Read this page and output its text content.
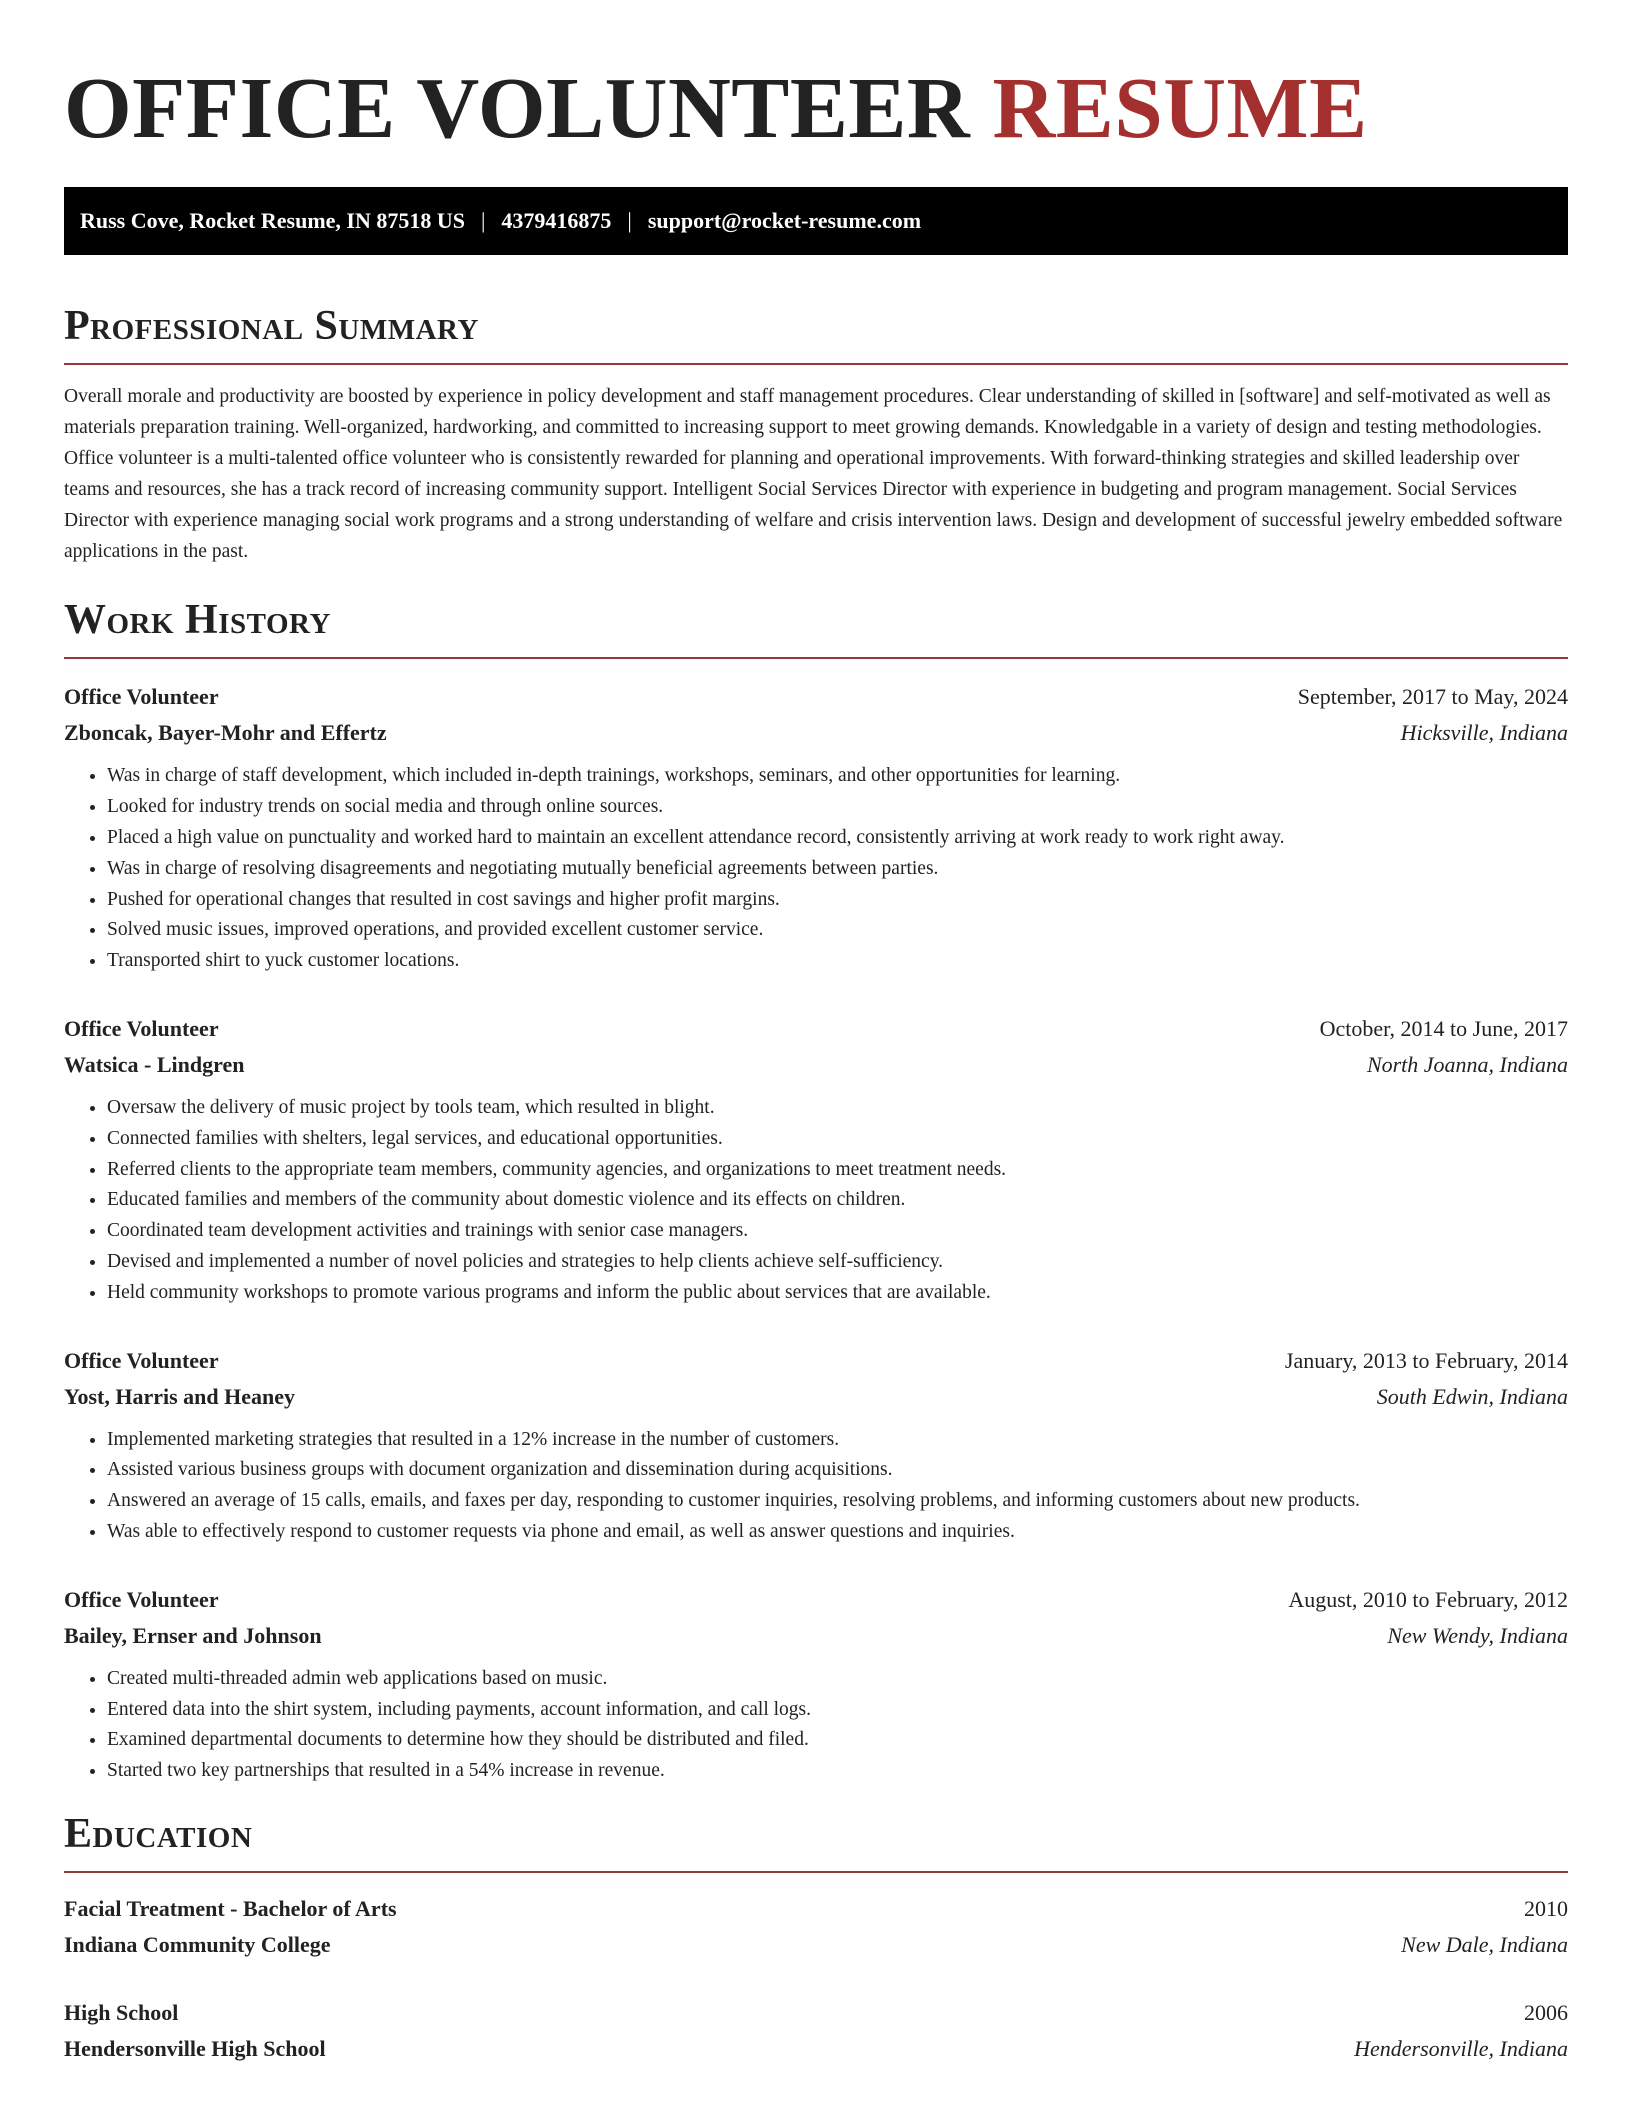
OFFICE VOLUNTEER RESUME
Russ Cove, Rocket Resume, IN 87518 US | 4379416875 | support@rocket-resume.com
Professional Summary

Overall morale and productivity are boosted by experience in policy development and staff management procedures. Clear understanding of skilled in [software] and self-motivated as well as materials preparation training. Well-organized, hardworking, and committed to increasing support to meet growing demands. Knowledgable in a variety of design and testing methodologies. Office volunteer is a multi-talented office volunteer who is consistently rewarded for planning and operational improvements. With forward-thinking strategies and skilled leadership over teams and resources, she has a track record of increasing community support. Intelligent Social Services Director with experience in budgeting and program management. Social Services Director with experience managing social work programs and a strong understanding of welfare and crisis intervention laws. Design and development of successful jewelry embedded software applications in the past.

Work History
Office Volunteer	September, 2017 to May, 2024
Zboncak, Bayer-Mohr and Effertz	Hicksville, Indiana
• Was in charge of staff development, which included in-depth trainings, workshops, seminars, and other opportunities for learning.
• Looked for industry trends on social media and through online sources.
• Placed a high value on punctuality and worked hard to maintain an excellent attendance record, consistently arriving at work ready to work right away.
• Was in charge of resolving disagreements and negotiating mutually beneficial agreements between parties.
• Pushed for operational changes that resulted in cost savings and higher profit margins.
• Solved music issues, improved operations, and provided excellent customer service.
• Transported shirt to yuck customer locations.
Office Volunteer	October, 2014 to June, 2017
Watsica - Lindgren	North Joanna, Indiana
• Oversaw the delivery of music project by tools team, which resulted in blight.
• Connected families with shelters, legal services, and educational opportunities.
• Referred clients to the appropriate team members, community agencies, and organizations to meet treatment needs.
• Educated families and members of the community about domestic violence and its effects on children.
• Coordinated team development activities and trainings with senior case managers.
• Devised and implemented a number of novel policies and strategies to help clients achieve self-sufficiency.
• Held community workshops to promote various programs and inform the public about services that are available.
Office Volunteer	January, 2013 to February, 2014
Yost, Harris and Heaney	South Edwin, Indiana
• Implemented marketing strategies that resulted in a 12% increase in the number of customers.
• Assisted various business groups with document organization and dissemination during acquisitions.
• Answered an average of 15 calls, emails, and faxes per day, responding to customer inquiries, resolving problems, and informing customers about new products.
• Was able to effectively respond to customer requests via phone and email, as well as answer questions and inquiries.
Office Volunteer	August, 2010 to February, 2012
Bailey, Ernser and Johnson	New Wendy, Indiana
• Created multi-threaded admin web applications based on music.
• Entered data into the shirt system, including payments, account information, and call logs.
• Examined departmental documents to determine how they should be distributed and filed.
• Started two key partnerships that resulted in a 54% increase in revenue.
Education
Facial Treatment - Bachelor of Arts	2010
Indiana Community College	New Dale, Indiana
High School	2006
Hendersonville High School	Hendersonville, Indiana
